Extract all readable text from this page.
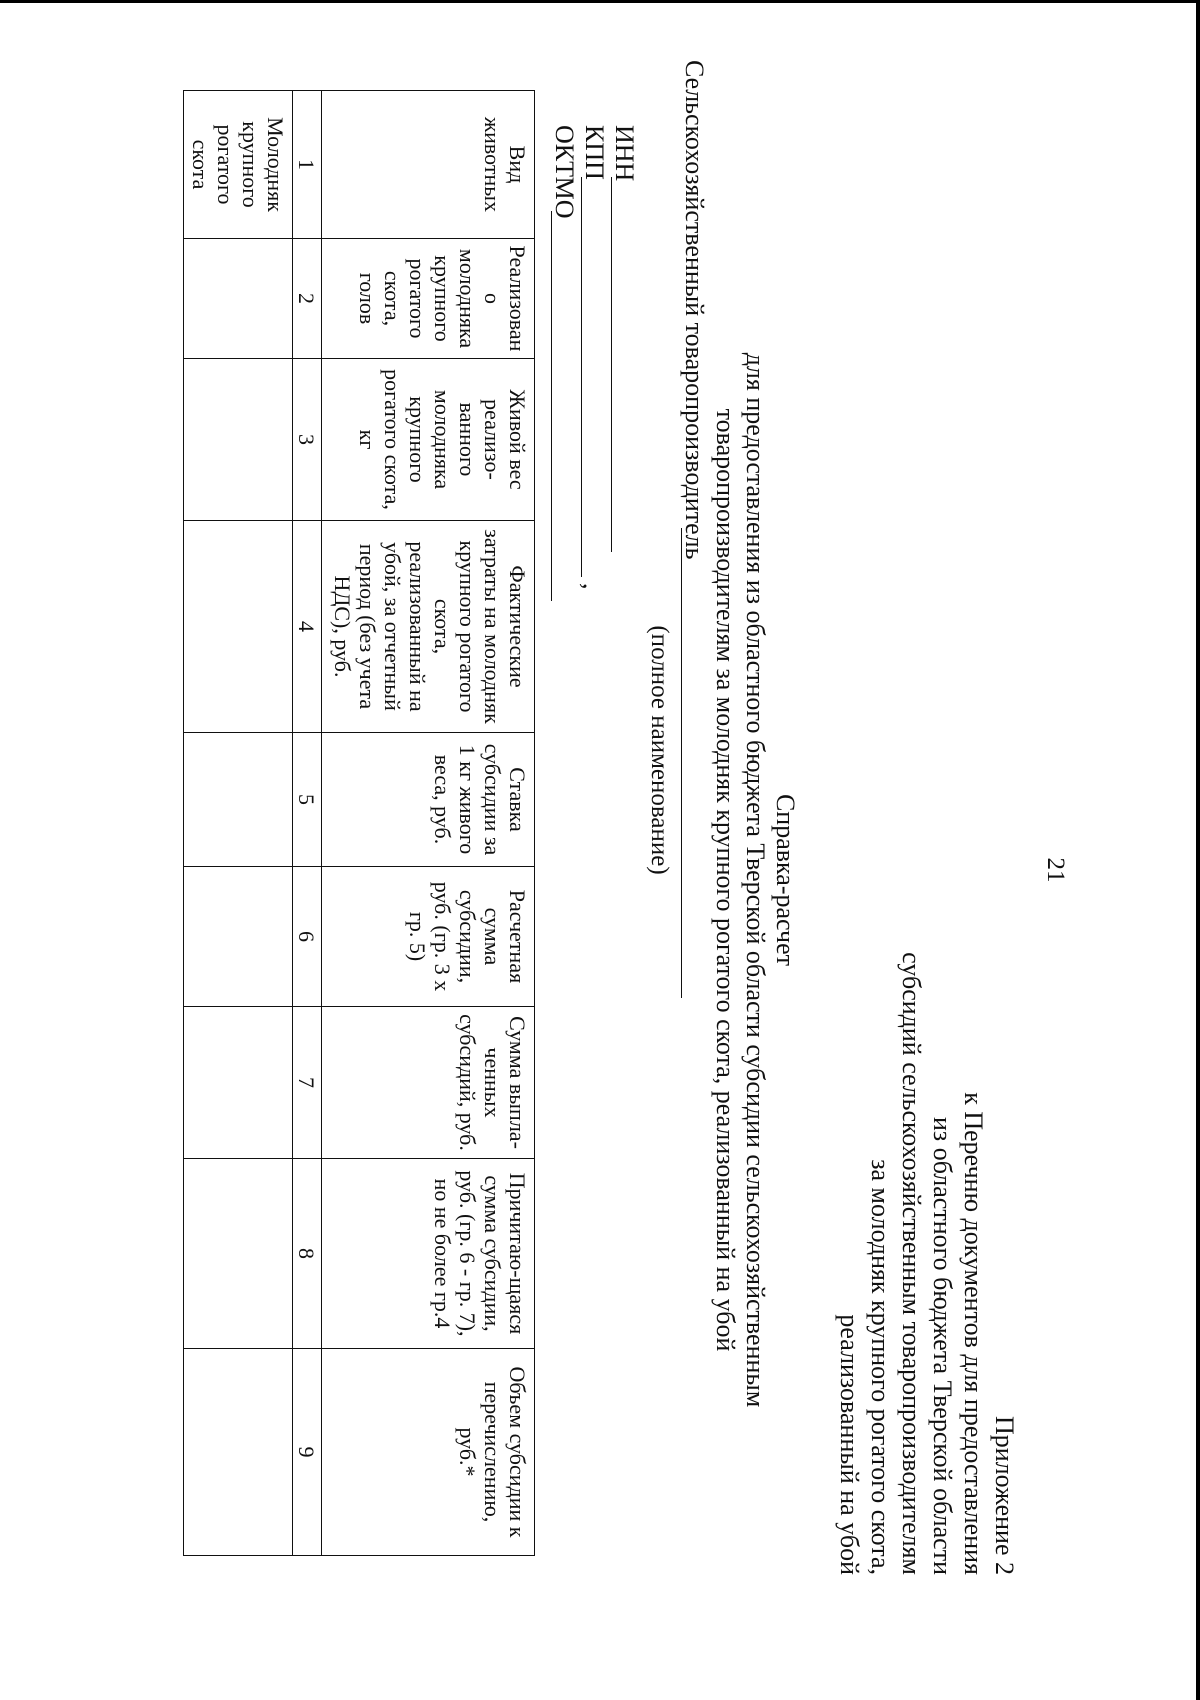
21
Приложение 2
к Перечню документов для предоставления
из областного бюджета Тверской области
субсидий сельскохозяйственным товаропроизводителям
за молодняк крупного рогатого скота,
реализованный на убой
Справка-расчет
для предоставления из областного бюджета Тверской области субсидии сельскохозяйственным
товаропроизводителям за молодняк крупного рогатого скота, реализованный на убой
Сельскохозяйственный товаропроизводитель
(полное наименование)
ИНН
КПП
,
ОКТМО
Вид животных	Реализовано молодняка крупного рогатого скота, голов	Живой вес реализо-ванного молодняка крупного рогатого скота, кг	Фактические затраты на молодняк крупного рогатого скота, реализованный на убой, за отчетный период (без учета НДС), руб.	Ставка субсидии за 1 кг живого веса, руб.	Расчетная сумма субсидии, руб. (гр. 3 х гр. 5)	Сумма выпла-ченных субсидий, руб.	Причитаю-щаяся сумма субсидии, руб. (гр. 6 - гр. 7), но не более гр.4	Объем субсидии к перечислению, руб.*
1	2	3	4	5	6	7	8	9
Молодняк крупного рогатого скота								
